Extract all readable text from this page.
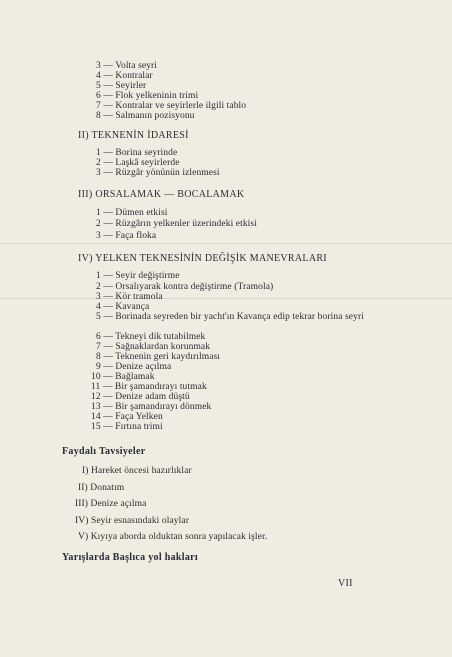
3 — Volta seyri
4 — Kontralar
5 — Seyirler
6 — Flok yelkeninin trimi
7 — Kontralar ve seyirlerle ilgili tablo
8 — Salmanın pozisyonu
II) TEKNENİN İDARESİ
1 — Borina seyrinde
2 — Laşkâ seyirlerde
3 — Rüzgâr yönünün izlenmesi
III) ORSALAMAK — BOCALAMAK
1 — Dümen etkisi
2 — Rüzgârın yelkenler üzerindeki etkisi
3 — Faça floka
IV) YELKEN TEKNESİNİN DEĞİŞİK MANEVRALARI
1 — Seyir değiştirme
2 — Orsalıyarak kontra değiştirme (Tramola)
3 — Kör tramola
4 — Kavança
5 — Borinada seyreden bir yacht'ın Kavança edip tekrar borina seyri
6 — Tekneyi dik tutabilmek
7 — Sağnaklardan korunmak
8 — Teknenin geri kaydırılması
9 — Denize açılma
10 — Bağlamak
11 — Bir şamandırayı tutmak
12 — Denize adam düştü
13 — Bir şamandırayı dönmek
14 — Faça Yelken
15 — Fırtına trimi
Faydalı Tavsiyeler
I) Hareket öncesi hazırlıklar
II) Donatım
III) Denize açılma
IV) Seyir esnasındaki olaylar
V) Kıyıya aborda olduktan sonra yapılacak işler.
Yarışlarda Başlıca yol hakları
VII
